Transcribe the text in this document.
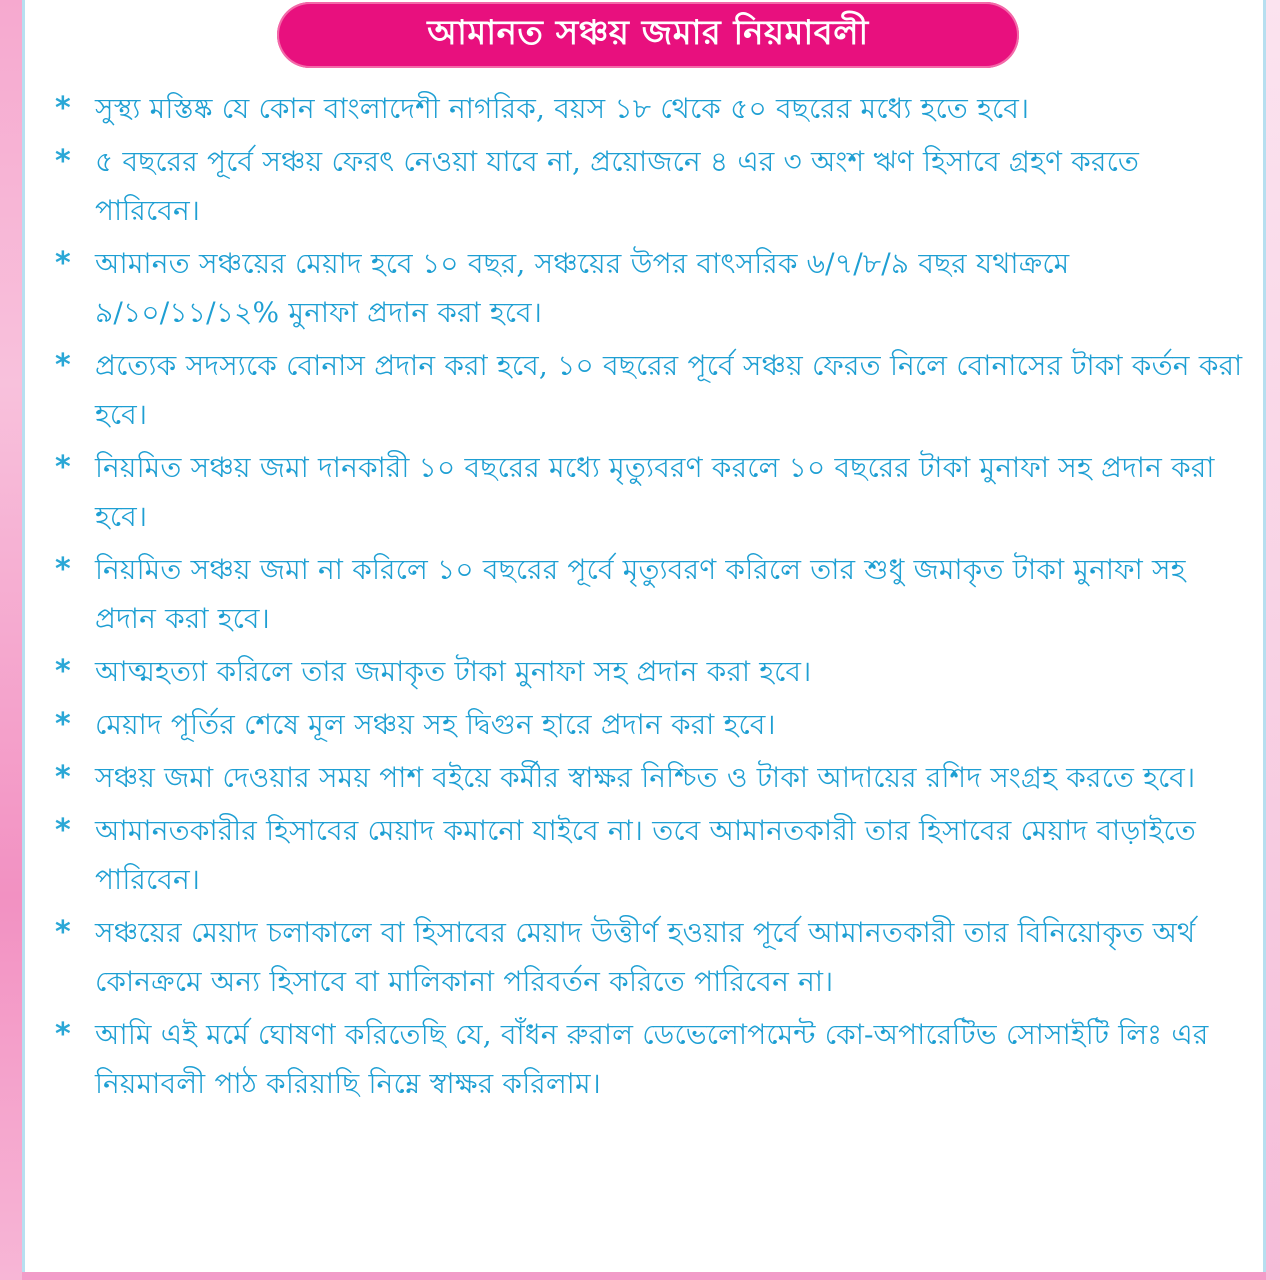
আমানত সঞ্চয় জমার নিয়মাবলী
* সুস্থ্য মস্তিষ্ক যে কোন বাংলাদেশী নাগরিক, বয়স ১৮ থেকে ৫০ বছরের মধ্যে হতে হবে।
* ৫ বছরের পূর্বে সঞ্চয় ফেরৎ নেওয়া যাবে না, প্রয়োজনে ৪ এর ৩ অংশ ঋণ হিসাবে গ্রহণ করতে পারিবেন।
* আমানত সঞ্চয়ের মেয়াদ হবে ১০ বছর, সঞ্চয়ের উপর বাৎসরিক ৬/৭/৮/৯ বছর যথাক্রমে ৯/১০/১১/১২% মুনাফা প্রদান করা হবে।
* প্রত্যেক সদস্যকে বোনাস প্রদান করা হবে, ১০ বছরের পূর্বে সঞ্চয় ফেরত নিলে বোনাসের টাকা কর্তন করা হবে।
* নিয়মিত সঞ্চয় জমা দানকারী ১০ বছরের মধ্যে মৃত্যুবরণ করলে ১০ বছরের টাকা মুনাফা সহ প্রদান করা হবে।
* নিয়মিত সঞ্চয় জমা না করিলে ১০ বছরের পূর্বে মৃত্যুবরণ করিলে তার শুধু জমাকৃত টাকা মুনাফা সহ প্রদান করা হবে।
* আত্মহত্যা করিলে তার জমাকৃত টাকা মুনাফা সহ প্রদান করা হবে।
* মেয়াদ পূর্তির শেষে মূল সঞ্চয় সহ দ্বিগুন হারে প্রদান করা হবে।
* সঞ্চয় জমা দেওয়ার সময় পাশ বইয়ে কর্মীর স্বাক্ষর নিশ্চিত ও টাকা আদায়ের রশিদ সংগ্রহ করতে হবে।
* আমানতকারীর হিসাবের মেয়াদ কমানো যাইবে না। তবে আমানতকারী তার হিসাবের মেয়াদ বাড়াইতে পারিবেন।
* সঞ্চয়ের মেয়াদ চলাকালে বা হিসাবের মেয়াদ উত্তীর্ণ হওয়ার পূর্বে আমানতকারী তার বিনিয়োকৃত অর্থ কোনক্রমে অন্য হিসাবে বা মালিকানা পরিবর্তন করিতে পারিবেন না।
* আমি এই মর্মে ঘোষণা করিতেছি যে, বাঁধন রুরাল ডেভেলোপমেন্ট কো-অপারেটিভ সোসাইটি লিঃ এর নিয়মাবলী পাঠ করিয়াছি নিম্নে স্বাক্ষর করিলাম।
